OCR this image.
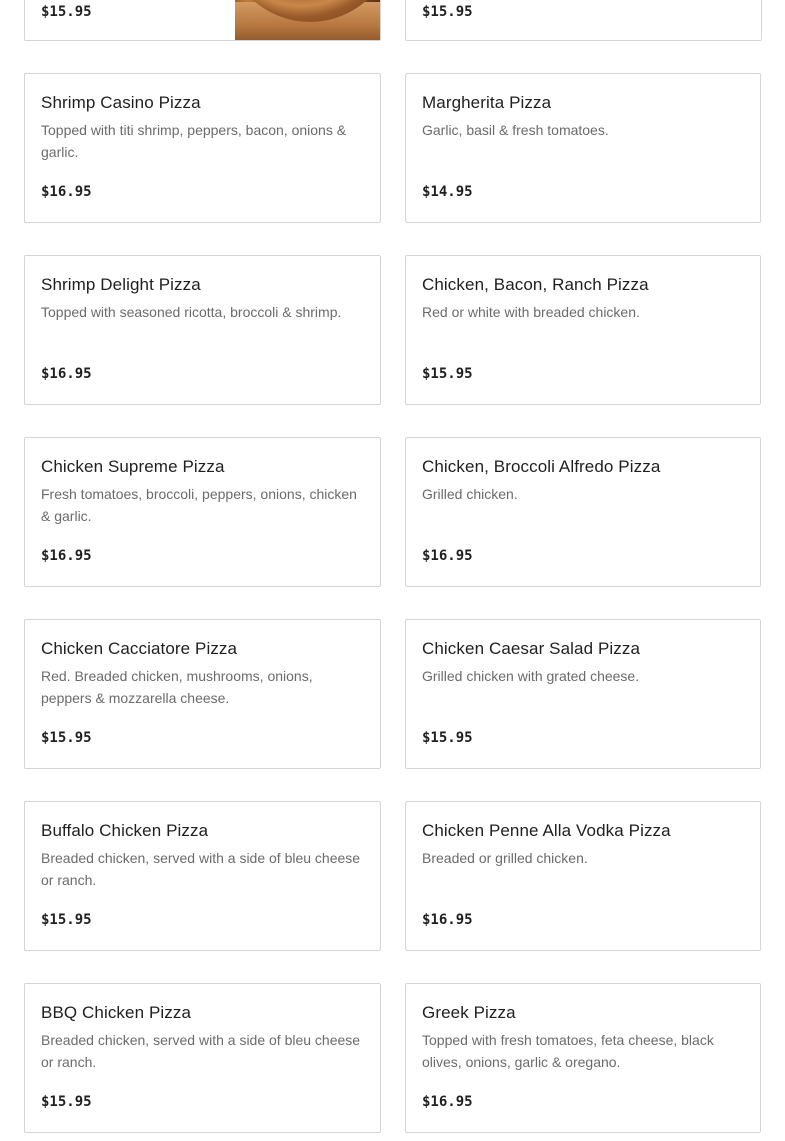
$15.95	$15.95
Shrimp Casino Pizza
Topped with titi shrimp, peppers, bacon, onions & garlic.
$16.95
Margherita Pizza
Garlic, basil & fresh tomatoes.
$14.95
Shrimp Delight Pizza
Topped with seasoned ricotta, broccoli & shrimp.
$16.95
Chicken, Bacon, Ranch Pizza
Red or white with breaded chicken.
$15.95
Chicken Supreme Pizza
Fresh tomatoes, broccoli, peppers, onions, chicken & garlic.
$16.95
Chicken, Broccoli Alfredo Pizza
Grilled chicken.
$16.95
Chicken Cacciatore Pizza
Red. Breaded chicken, mushrooms, onions, peppers & mozzarella cheese.
$15.95
Chicken Caesar Salad Pizza
Grilled chicken with grated cheese.
$15.95
Buffalo Chicken Pizza
Breaded chicken, served with a side of bleu cheese or ranch.
$15.95
Chicken Penne Alla Vodka Pizza
Breaded or grilled chicken.
$16.95
BBQ Chicken Pizza
Breaded chicken, served with a side of bleu cheese or ranch.
$15.95
Greek Pizza
Topped with fresh tomatoes, feta cheese, black olives, onions, garlic & oregano.
$16.95
